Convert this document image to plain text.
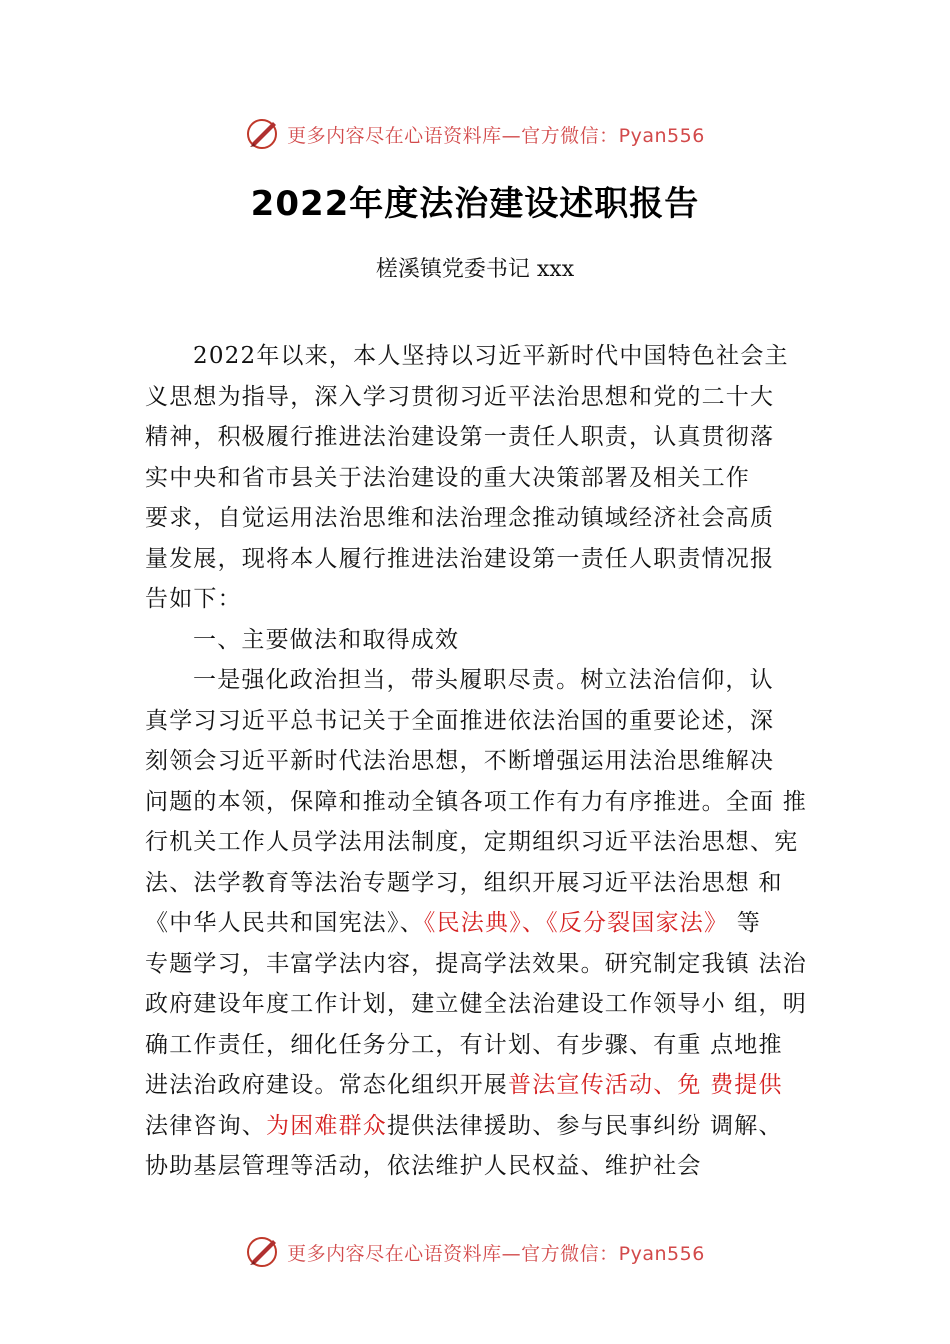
更多内容尽在心语资料库—官方微信：Pyan556
2022年度法治建设述职报告
槎溪镇党委书记 xxx
2022年以来，本人坚持以习近平新时代中国特色社会主
义思想为指导，深入学习贯彻习近平法治思想和党的二十大
精神，积极履行推进法治建设第一责任人职责，认真贯彻落
实中央和省市县关于法治建设的重大决策部署及相关工作
要求，自觉运用法治思维和法治理念推动镇域经济社会高质
量发展，现将本人履行推进法治建设第一责任人职责情况报
告如下：
一、主要做法和取得成效
一是强化政治担当，带头履职尽责。树立法治信仰，认
真学习习近平总书记关于全面推进依法治国的重要论述，深
刻领会习近平新时代法治思想，不断增强运用法治思维解决
问题的本领，保障和推动全镇各项工作有力有序推进。全面 推
行机关工作人员学法用法制度，定期组织习近平法治思想、宪
法、法学教育等法治专题学习，组织开展习近平法治思想 和
《中华人民共和国宪法》、《民法典》、《反分裂国家法》 等
专题学习，丰富学法内容，提高学法效果。研究制定我镇 法治
政府建设年度工作计划，建立健全法治建设工作领导小 组，明
确工作责任，细化任务分工，有计划、有步骤、有重 点地推
进法治政府建设。常态化组织开展普法宣传活动、免 费提供
法律咨询、为困难群众提供法律援助、参与民事纠纷 调解、
协助基层管理等活动，依法维护人民权益、维护社会
更多内容尽在心语资料库—官方微信：Pyan556
